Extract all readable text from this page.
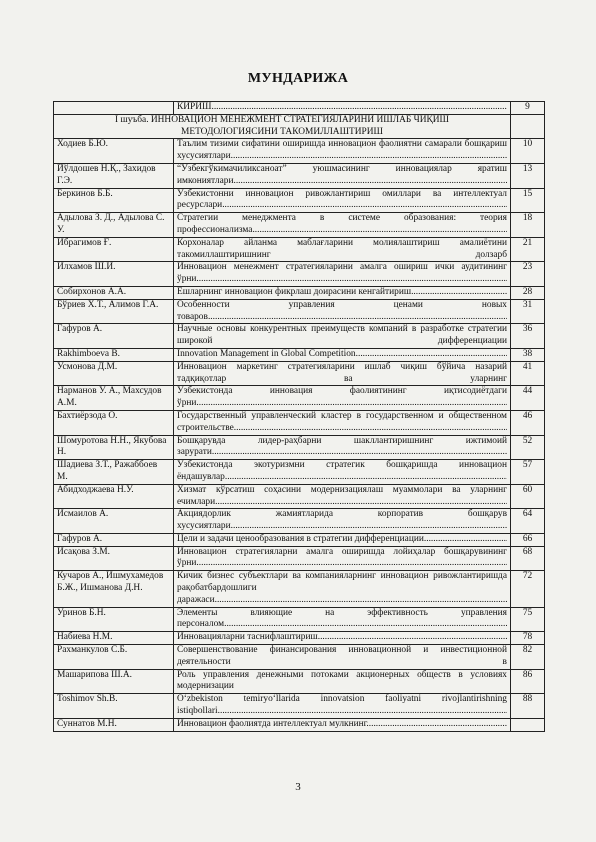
МУНДАРИЖА

	КИРИШ .....	9

I шуъба. ИННОВАЦИОН МЕНЕЖМЕНТ СТРАТЕГИЯЛАРИНИ ИШЛАБ ЧИҚИШ
МЕТОДОЛОГИЯСИНИ ТАКОМИЛЛАШТИРИШ		

Ходиев Б.Ю.	Таълим тизими сифатини оширишда инновацион фаолиятни самарали бошқариш хусусиятлари .....	10
Йўлдошев Н.Қ., Захидов Г.Э.	“Ўзбекгўкимачиликсаноат” уюшмасининг инновациялар яратиш имкониятлари .....	13
Беркинов Б.Б.	Ўзбекистонни инновацион ривожлантириш омиллари ва интеллектуал ресурслари .....	15
Адылова З. Д., Адылова С. У.	Стратегии менеджмента в системе образования: теория профессионализма .....	18
Ибрагимов Ғ.	Корхоналар айланма маблағларини молиялаштириш амалиётини такомиллаштиришнинг долзарб	21
Илхамов Ш.И.	Инновацион менежмент стратегияларини амалга ошириш ички аудитининг ўрни .....	23
Собирхонов А.А.	Ёшларнинг инновацион фикрлаш доирасини кенгайтириш .....	28
Бўриев Х.Т., Алимов Г.А.	Особенности управления ценами новых товаров .....	31
Гафуров А.	Научные основы конкурентных преимуществ компаний в разработке стратегии широкой дифференциации	36
Rakhimboeva B.	Innovation Management in Global Competition .....	38
Усмонова Д.М.	Инновацион маркетинг стратегияларини ишлаб чиқиш бўйича назарий тадқиқотлар ва уларнинг	41
Нарманов У. А., Махсудов А.М.	Ўзбекистонда инновация фаолиятининг иқтисодиётдаги ўрни .....	44
Бахтиёрзода О.	Государственный управленческий кластер в государственном и общественном строительстве .....	46
Шомуротова Н.Н., Якубова Н.	Бошқарувда лидер-раҳбарни шакллантиришнинг ижтимоий зарурати .....	52
Шадиева З.Т., Ражаббоев М.	Ўзбекистонда экотуризмни стратегик бошқаришда инновацион ёндашувлар .....	57
Абидходжаева Н.У.	Хизмат кўрсатиш соҳасини модернизациялаш муаммолари ва уларнинг ечимлари .....	60
Исмаилов А.	Акциядорлик жамиятларида корпоратив бошқарув хусусиятлари .....	64
Гафуров А.	Цели и задачи ценообразования в стратегии дифференциации. .....	66
Исақова З.М.	Инновацион стратегияларни амалга оширишда лойиҳалар бошқарувининг ўрни .....	68
Кучаров А., Ишмухамедов Б.Ж., Ишманова Д.Н.	Кичик бизнес субъектлари ва компанияларнинг инновацион ривожлантиришда рақобатбардошлиги даражаси .....	72
Уринов Б.Н.	Элементы влияющие на эффективность управления персоналом .....	75
Набиева Н.М.	Инновацияларни таснифлаштириш .....	78
Рахманкулов С.Б.	Совершенствование финансирования инновационной и инвестиционной деятельности в	82
Машарипова Ш.А.	Роль управления денежными потоками акционерных обществ в условиях модернизации	86
Toshimov Sh.B.	O‘zbekiston temiryo‘llarida innovatsion faoliyatni rivojlantirishning istiqbollari .....	88
Суннатов М.Н.	Инновацион фаолиятда интеллектуал мулкнинг .....

3
